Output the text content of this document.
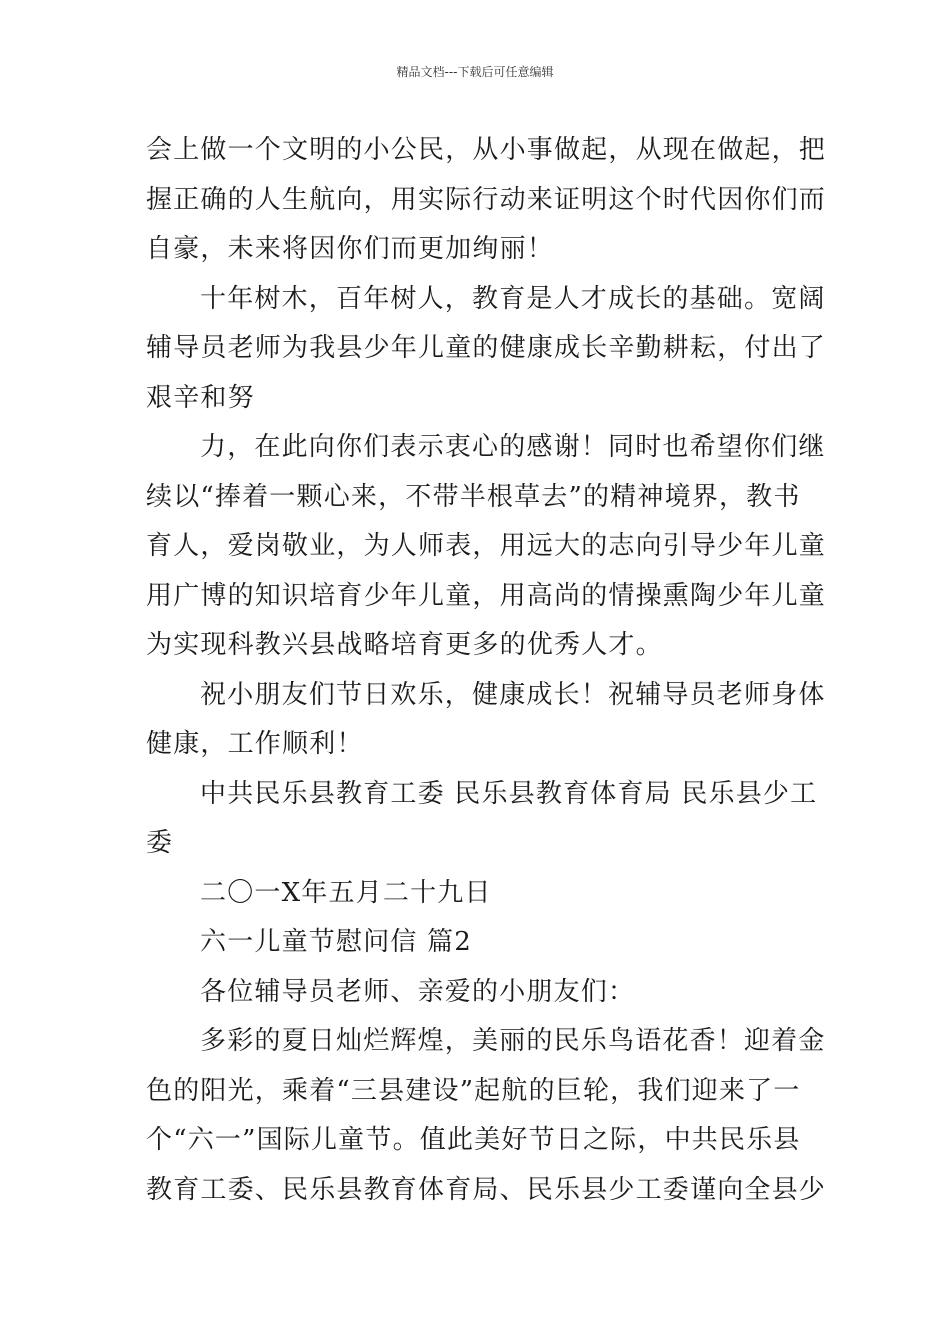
精品文档---下载后可任意编辑
会上做一个文明的小公民，从小事做起，从现在做起，把
握正确的人生航向，用实际行动来证明这个时代因你们而
自豪，未来将因你们而更加绚丽！
十年树木，百年树人，教育是人才成长的基础。宽阔
辅导员老师为我县少年儿童的健康成长辛勤耕耘，付出了
艰辛和努
力，在此向你们表示衷心的感谢！同时也希望你们继
续以“捧着一颗心来，不带半根草去”的精神境界，教书
育人，爱岗敬业，为人师表，用远大的志向引导少年儿童
用广博的知识培育少年儿童，用高尚的情操熏陶少年儿童
为实现科教兴县战略培育更多的优秀人才。
祝小朋友们节日欢乐，健康成长！祝辅导员老师身体
健康，工作顺利！
中共民乐县教育工委 民乐县教育体育局 民乐县少工
委
二〇一X年五月二十九日
六一儿童节慰问信 篇2
各位辅导员老师、亲爱的小朋友们：
多彩的夏日灿烂辉煌，美丽的民乐鸟语花香！迎着金
色的阳光，乘着“三县建设”起航的巨轮，我们迎来了一
个“六一”国际儿童节。值此美好节日之际，中共民乐县
教育工委、民乐县教育体育局、民乐县少工委谨向全县少
